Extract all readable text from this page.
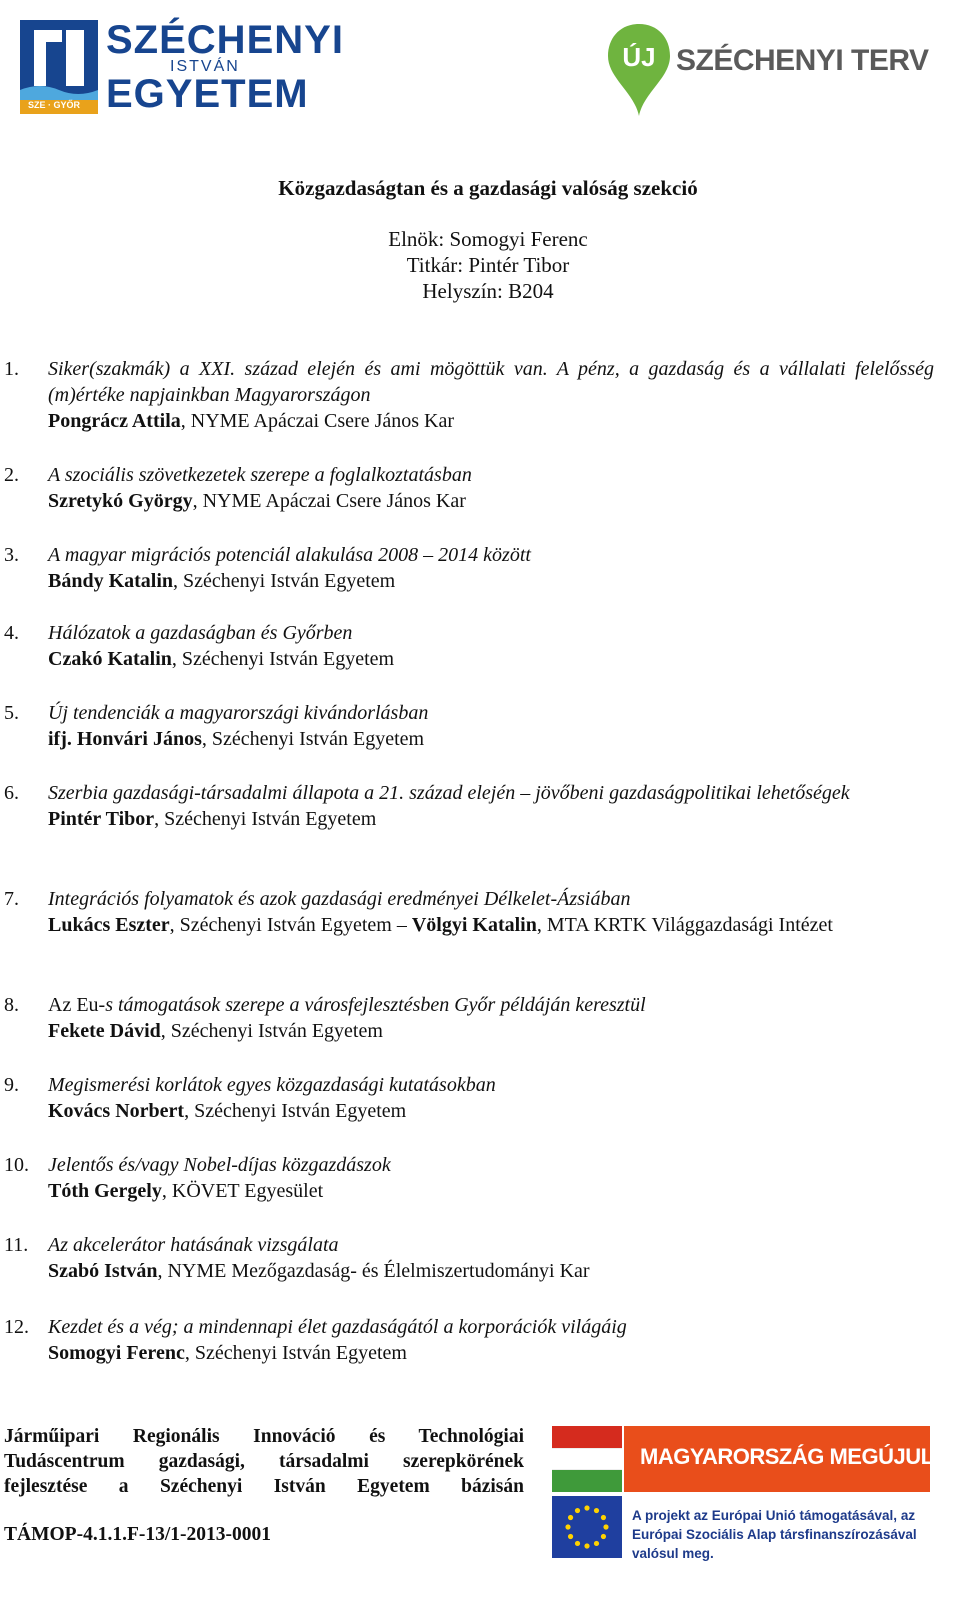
SZE · GYŐR
SZÉCHENYI
ISTVÁN
EGYETEM
ÚJ SZÉCHENYI TERV
Közgazdaságtan és a gazdasági valóság szekció
Elnök: Somogyi Ferenc
Titkár: Pintér Tibor
Helyszín: B204
1. Siker(szakmák) a XXI. század elején és ami mögöttük van. A pénz, a gazdaság és a vállalati felelősség (m)értéke napjainkban Magyarországon
Pongrácz Attila, NYME Apáczai Csere János Kar
2. A szociális szövetkezetek szerepe a foglalkoztatásban
Szretykó György, NYME Apáczai Csere János Kar
3. A magyar migrációs potenciál alakulása 2008 – 2014 között
Bándy Katalin, Széchenyi István Egyetem
4. Hálózatok a gazdaságban és Győrben
Czakó Katalin, Széchenyi István Egyetem
5. Új tendenciák a magyarországi kivándorlásban
ifj. Honvári János, Széchenyi István Egyetem
6. Szerbia gazdasági-társadalmi állapota a 21. század elején – jövőbeni gazdaságpolitikai lehetőségek
Pintér Tibor, Széchenyi István Egyetem
7. Integrációs folyamatok és azok gazdasági eredményei Délkelet-Ázsiában
Lukács Eszter, Széchenyi István Egyetem – Völgyi Katalin, MTA KRTK Világgazdasági Intézet
8. Az Eu-s támogatások szerepe a városfejlesztésben Győr példáján keresztül
Fekete Dávid, Széchenyi István Egyetem
9. Megismerési korlátok egyes közgazdasági kutatásokban
Kovács Norbert, Széchenyi István Egyetem
10. Jelentős és/vagy Nobel-díjas közgazdászok
Tóth Gergely, KÖVET Egyesület
11. Az akcelerátor hatásának vizsgálata
Szabó István, NYME Mezőgazdaság- és Élelmiszertudományi Kar
12. Kezdet és a vég; a mindennapi élet gazdaságától a korporációk világáig
Somogyi Ferenc, Széchenyi István Egyetem
Járműipari Regionális Innováció és Technológiai
Tudáscentrum gazdasági, társadalmi szerepkörének
fejlesztése a Széchenyi István Egyetem bázisán
TÁMOP-4.1.1.F-13/1-2013-0001
MAGYARORSZÁG MEGÚJUL
A projekt az Európai Unió támogatásával, az Európai Szociális Alap társfinanszírozásával valósul meg.
